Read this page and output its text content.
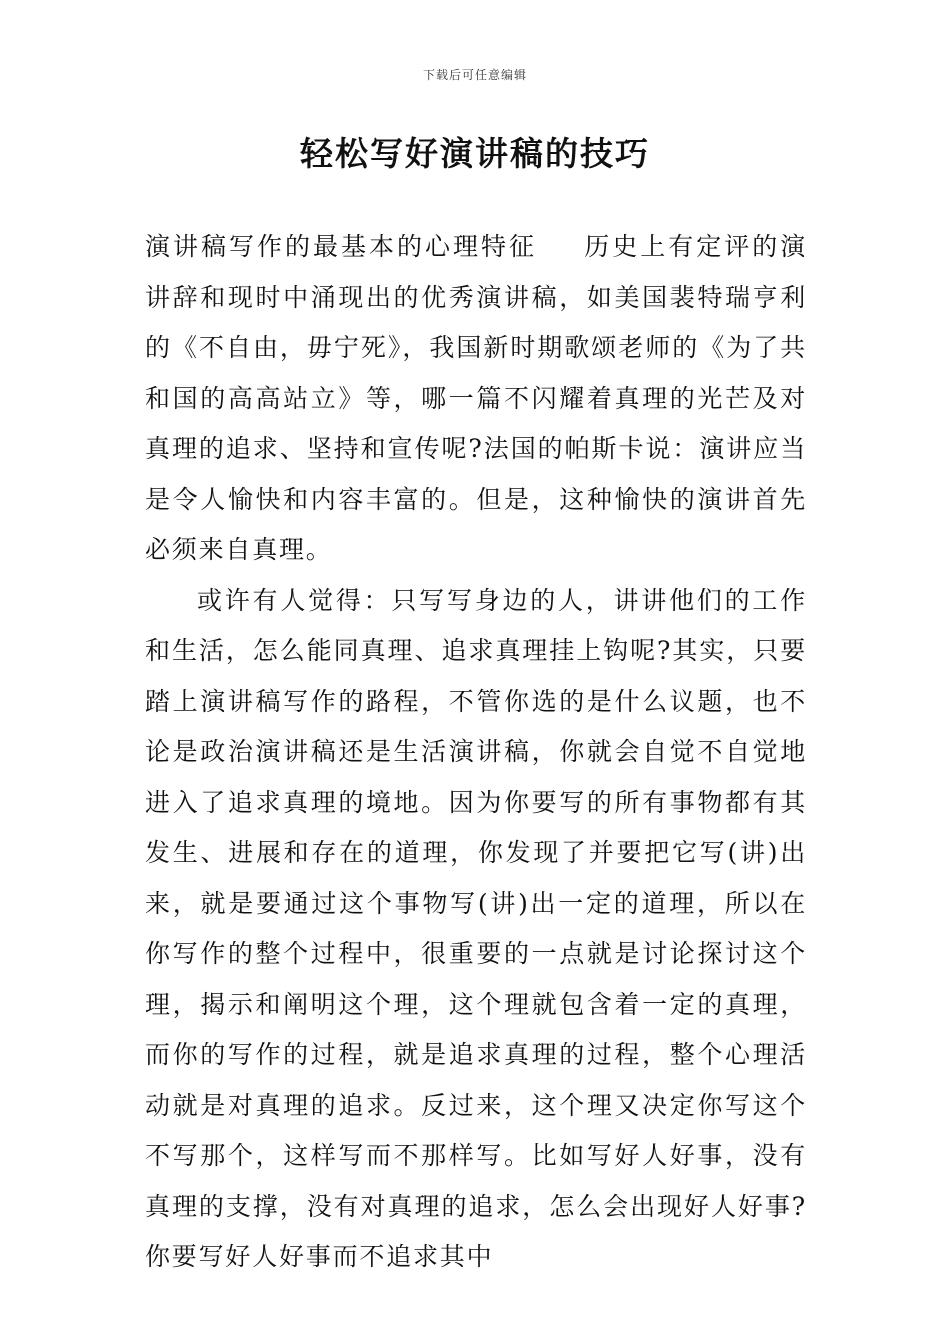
下载后可任意编辑
轻松写好演讲稿的技巧

演讲稿写作的最基本的心理特征 历史上有定评的演讲辞和现时中涌现出的优秀演讲稿，如美国裴特瑞亨利的《不自由，毋宁死》，我国新时期歌颂老师的《为了共和国的高高站立》等，哪一篇不闪耀着真理的光芒及对真理的追求、坚持和宣传呢?法国的帕斯卡说：演讲应当是令人愉快和内容丰富的。但是，这种愉快的演讲首先必须来自真理。

或许有人觉得：只写写身边的人，讲讲他们的工作和生活，怎么能同真理、追求真理挂上钩呢?其实，只要踏上演讲稿写作的路程，不管你选的是什么议题，也不论是政治演讲稿还是生活演讲稿，你就会自觉不自觉地进入了追求真理的境地。因为你要写的所有事物都有其发生、进展和存在的道理，你发现了并要把它写(讲)出来，就是要通过这个事物写(讲)出一定的道理，所以在你写作的整个过程中，很重要的一点就是讨论探讨这个理，揭示和阐明这个理，这个理就包含着一定的真理，而你的写作的过程，就是追求真理的过程，整个心理活动就是对真理的追求。反过来，这个理又决定你写这个不写那个，这样写而不那样写。比如写好人好事，没有真理的支撑，没有对真理的追求，怎么会出现好人好事?你要写好人好事而不追求其中
